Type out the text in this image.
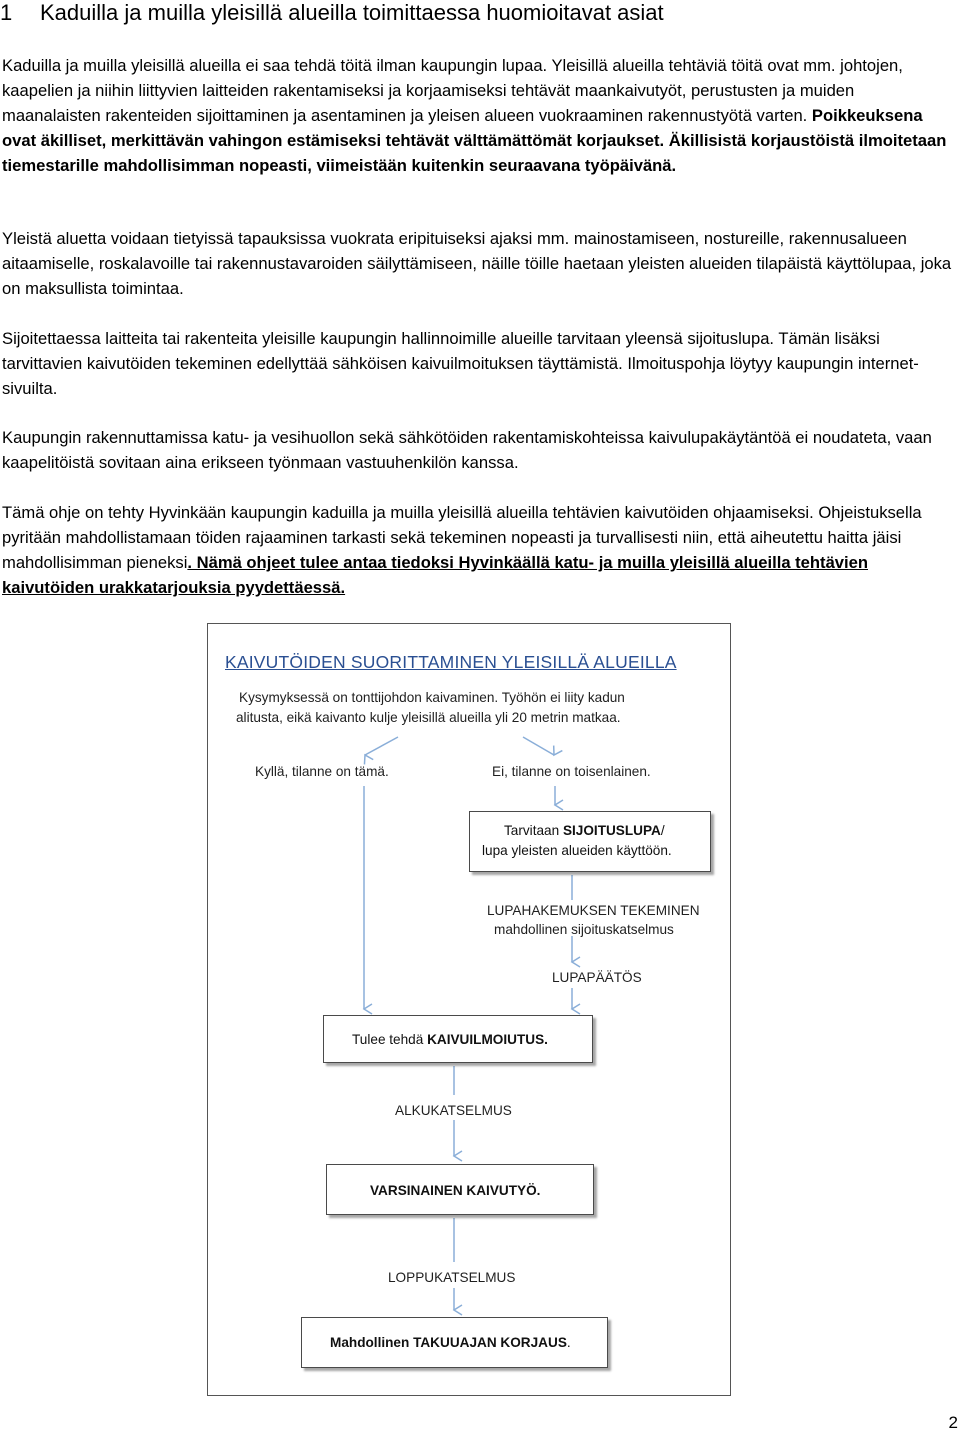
1 Kaduilla ja muilla yleisillä alueilla toimittaessa huomioitavat asiat
Kaduilla ja muilla yleisillä alueilla ei saa tehdä töitä ilman kaupungin lupaa. Yleisillä alueilla tehtäviä töitä ovat mm. johtojen, kaapelien ja niihin liittyvien laitteiden rakentamiseksi ja korjaamiseksi tehtävät maankaivutyöt, perustusten ja muiden maanalaisten rakenteiden sijoittaminen ja asentaminen ja yleisen alueen vuokraaminen rakennustyötä varten. Poikkeuksena ovat äkilliset, merkittävän vahingon estämiseksi tehtävät välttämättömät korjaukset. Äkillisistä korjaustöistä ilmoitetaan tiemestarille mahdollisimman nopeasti, viimeistään kuitenkin seuraavana työpäivänä.
Yleistä aluetta voidaan tietyissä tapauksissa vuokrata eripituiseksi ajaksi mm. mainostamiseen, nostureille, rakennusalueen aitaamiselle, roskalavoille tai rakennustavaroiden säilyttämiseen, näille töille haetaan yleisten alueiden tilapäistä käyttölupaa, joka on maksullista toimintaa.
Sijoitettaessa laitteita tai rakenteita yleisille kaupungin hallinnoimille alueille tarvitaan yleensä sijoituslupa. Tämän lisäksi tarvittavien kaivutöiden tekeminen edellyttää sähköisen kaivuilmoituksen täyttämistä. Ilmoituspohja löytyy kaupungin internet-sivuilta.
Kaupungin rakennuttamissa katu- ja vesihuollon sekä sähkötöiden rakentamiskohteissa kaivulupakäytäntöä ei noudateta, vaan kaapelitöistä sovitaan aina erikseen työnmaan vastuuhenkilön kanssa.
Tämä ohje on tehty Hyvinkään kaupungin kaduilla ja muilla yleisillä alueilla tehtävien kaivutöiden ohjaamiseksi. Ohjeistuksella pyritään mahdollistamaan töiden rajaaminen tarkasti sekä tekeminen nopeasti ja turvallisesti niin, että aiheutettu haitta jäisi mahdollisimman pieneksi. Nämä ohjeet tulee antaa tiedoksi Hyvinkäällä katu- ja muilla yleisillä alueilla tehtävien kaivutöiden urakkatarjouksia pyydettäessä.
KAIVUTÖIDEN SUORITTAMINEN YLEISILLÄ ALUEILLA
Kysymyksessä on tonttijohdon kaivaminen. Työhön ei liity kadun
alitusta, eikä kaivanto kulje yleisillä alueilla yli 20 metrin matkaa.
Kyllä, tilanne on tämä.	Ei, tilanne on toisenlainen.
Tarvitaan SIJOITUSLUPA/
lupa yleisten alueiden käyttöön.
LUPAHAKEMUKSEN TEKEMINEN
mahdollinen sijoituskatselmus
LUPAPÄÄTÖS
Tulee tehdä KAIVUILMOIUTUS.
ALKUKATSELMUS
VARSINAINEN KAIVUTYÖ.
LOPPUKATSELMUS
Mahdollinen TAKUUAJAN KORJAUS.
2
